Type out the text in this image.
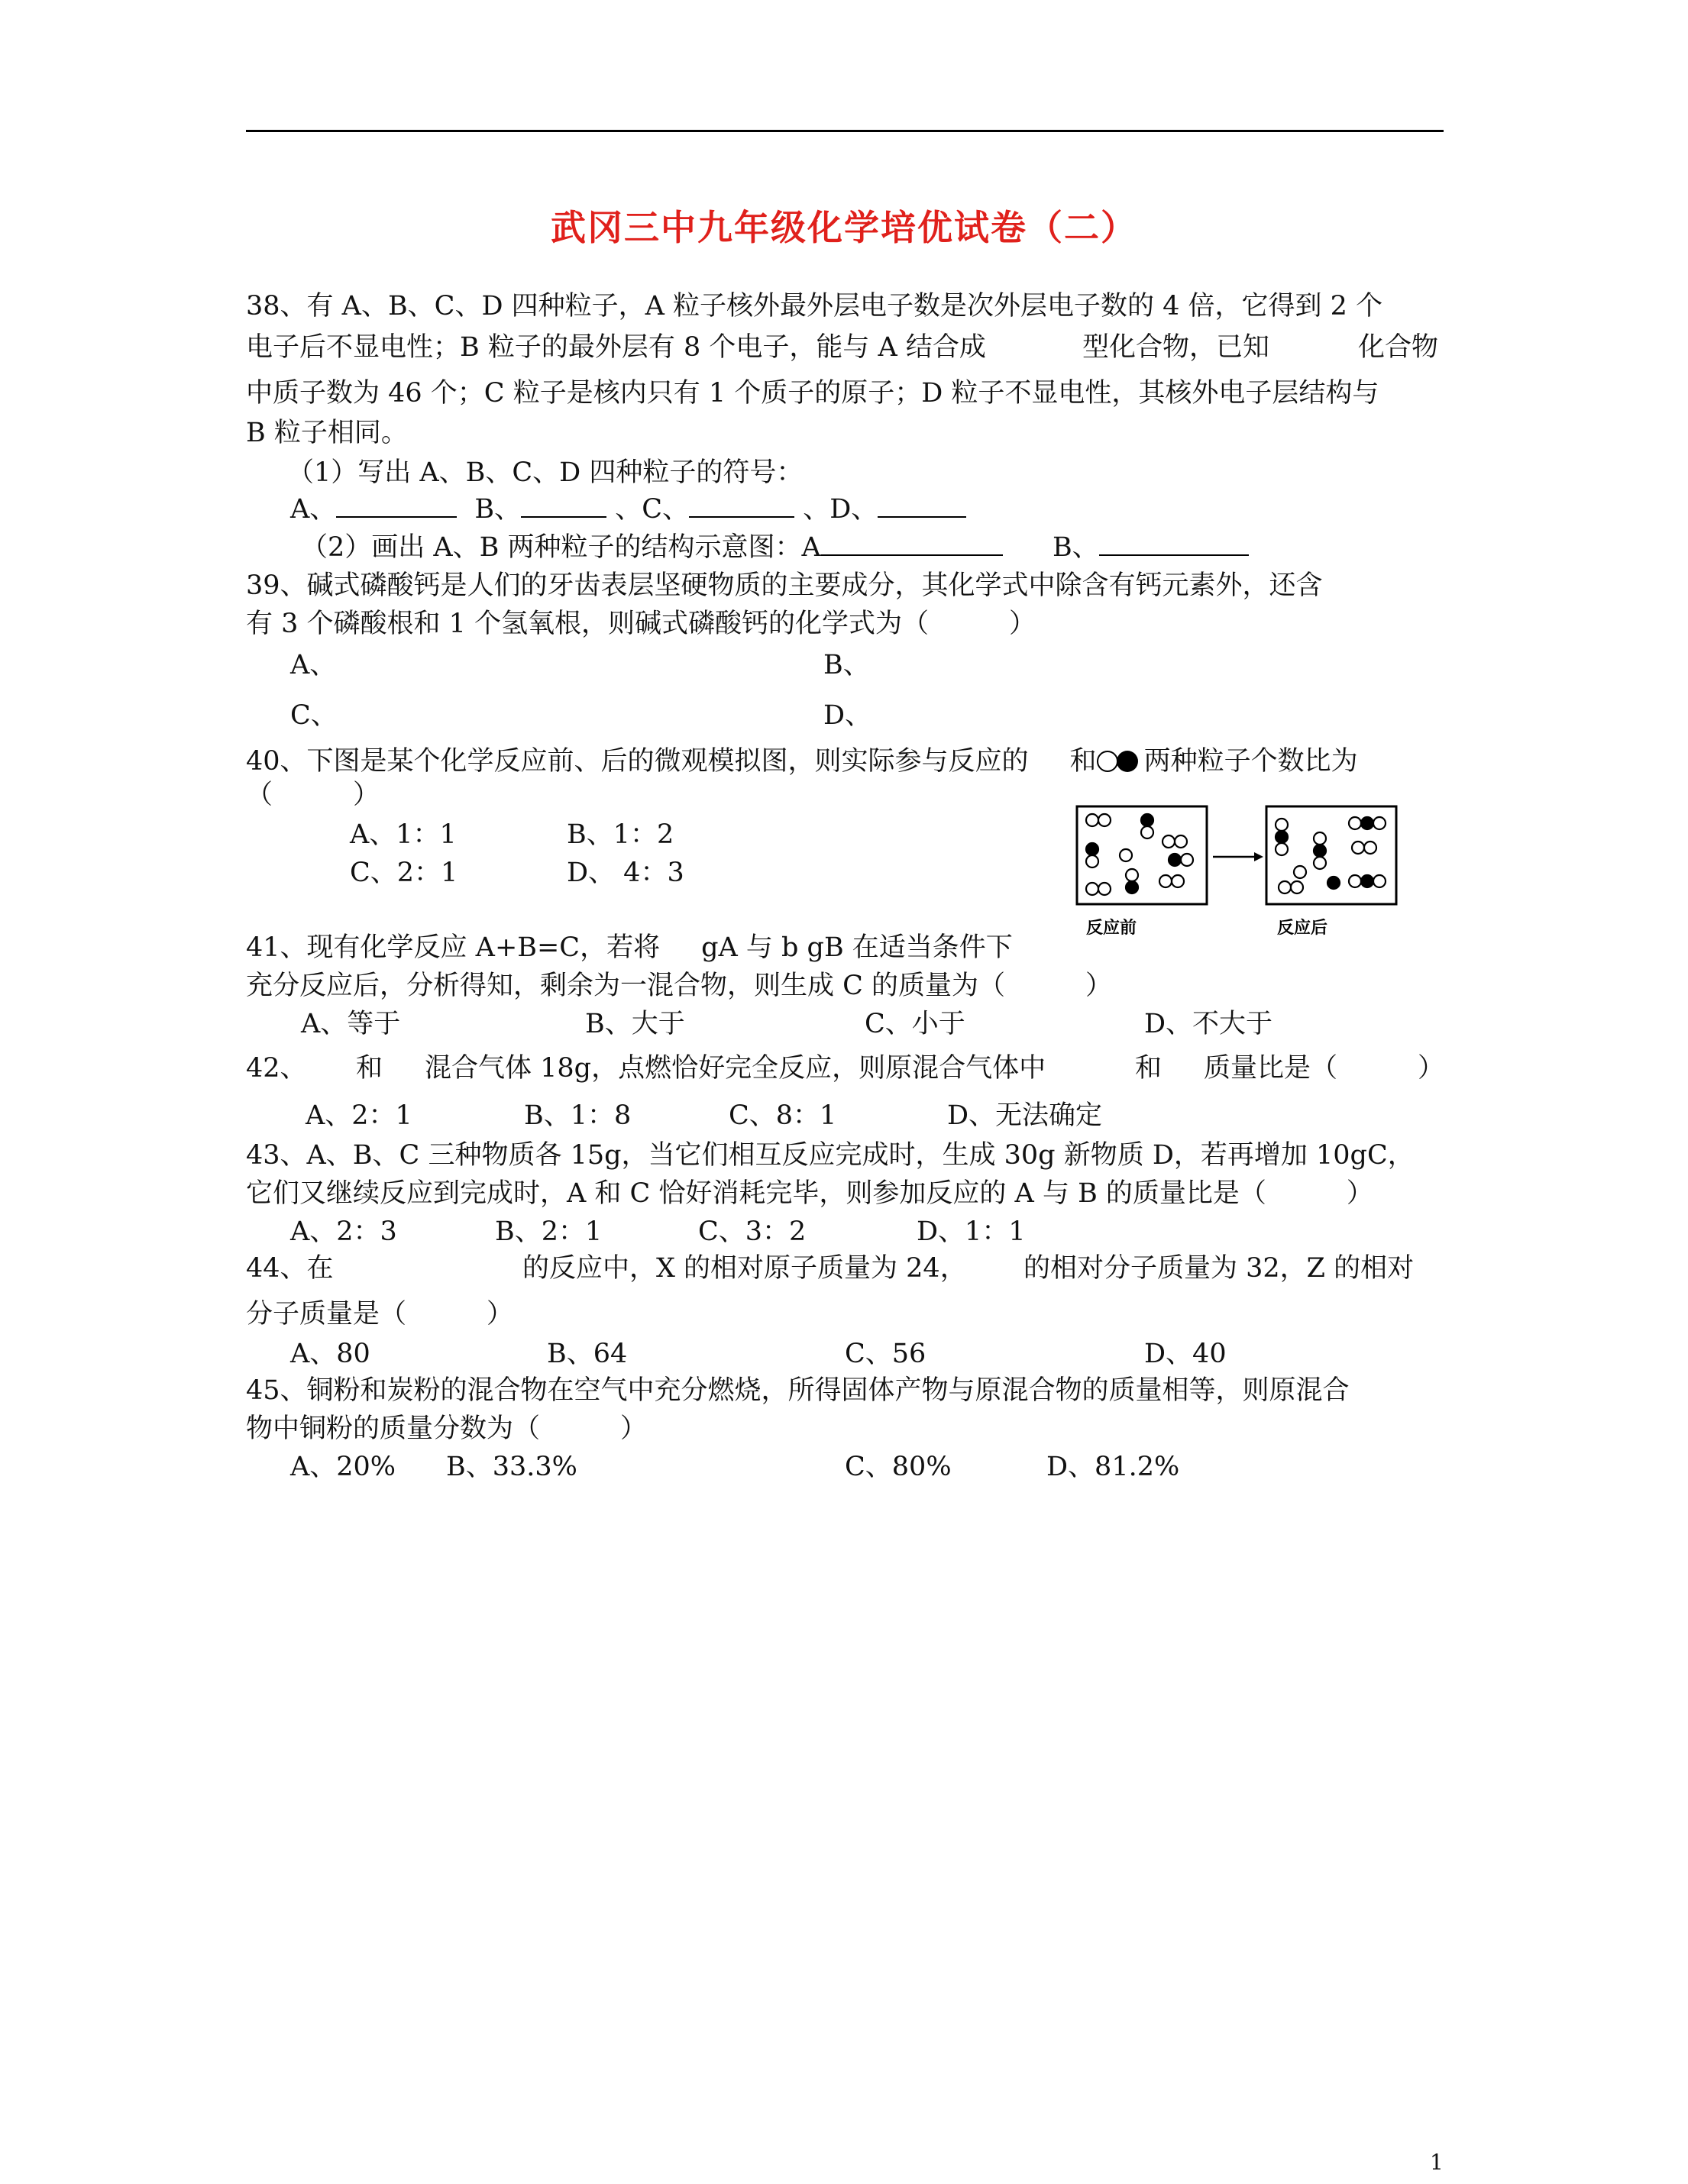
武冈三中九年级化学培优试卷（二）
38、有 A、B、C、D 四种粒子，A 粒子核外最外层电子数是次外层电子数的 4 倍，它得到 2 个
电子后不显电性；B 粒子的最外层有 8 个电子，能与 A 结合成	型化合物，已知	化合物
中质子数为 46 个；C 粒子是核内只有 1 个质子的原子；D 粒子不显电性，其核外电子层结构与
B 粒子相同。
（1）写出 A、B、C、D 四种粒子的符号：
A、	B、	、C、	、D、
（2）画出 A、B 两种粒子的结构示意图：A	B、
39、碱式磷酸钙是人们的牙齿表层坚硬物质的主要成分，其化学式中除含有钙元素外，还含
有 3 个磷酸根和 1 个氢氧根，则碱式磷酸钙的化学式为（　　　）
A、	B、
C、	D、
40、下图是某个化学反应前、后的微观模拟图，则实际参与反应的 和 两种粒子个数比为
（　　　）
A、1：1	B、1：2
C、2：1	D、 4：3
反应前	反应后
41、现有化学反应 A+B=C，若将 gA 与 b gB 在适当条件下
充分反应后，分析得知，剩余为一混合物，则生成 C 的质量为（　　　）
A、等于	B、大于	C、小于	D、不大于
42、 和 混合气体 18g，点燃恰好完全反应，则原混合气体中	和 质量比是（　　　）
A、2：1	B、1：8	C、8：1	D、无法确定
43、A、B、C 三种物质各 15g，当它们相互反应完成时，生成 30g 新物质 D，若再增加 10gC，
它们又继续反应到完成时，A 和 C 恰好消耗完毕，则参加反应的 A 与 B 的质量比是（　　　）
A、2：3	B、2：1	C、3：2	D、1：1
44、在	的反应中，X 的相对原子质量为 24， 的相对分子质量为 32，Z 的相对
分子质量是（　　　）
A、80	B、64	C、56	D、40
45、铜粉和炭粉的混合物在空气中充分燃烧，所得固体产物与原混合物的质量相等，则原混合
物中铜粉的质量分数为（　　　）
A、20% B、33.3%	C、80%	D、81.2%
1
